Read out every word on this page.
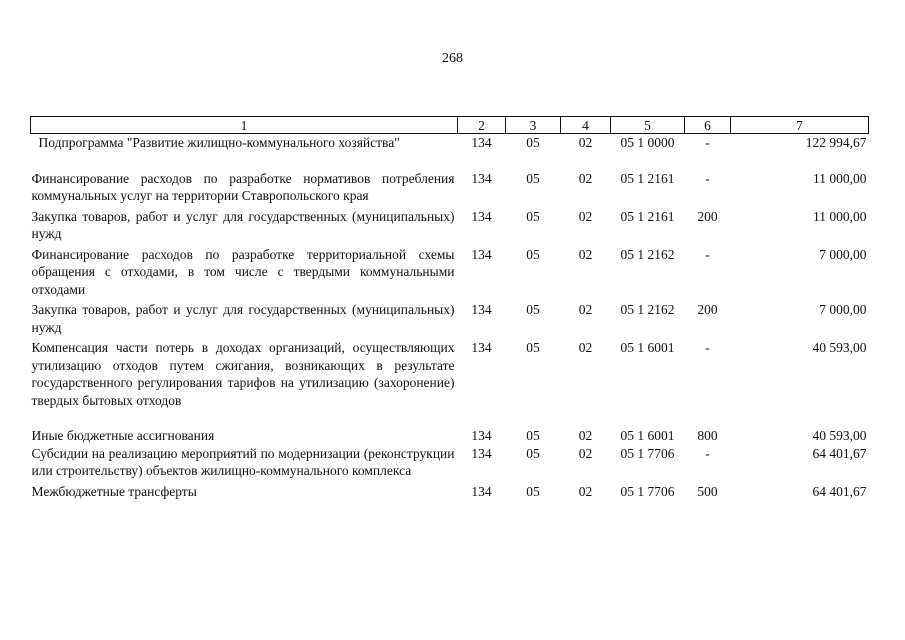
268
1	2	3	4	5	6	7
Подпрограмма "Развитие жилищно-коммунального хозяйства"	134	05	02	05 1 0000	-	122 994,67
Финансирование расходов по разработке нормативов потребления коммунальных услуг на территории Ставропольского края	134	05	02	05 1 2161	-	11 000,00
Закупка товаров, работ и услуг для государственных (муниципальных) нужд	134	05	02	05 1 2161	200	11 000,00
Финансирование расходов по разработке территориальной схемы обращения с отходами, в том числе с твердыми коммунальными отходами	134	05	02	05 1 2162	-	7 000,00
Закупка товаров, работ и услуг для государственных (муниципальных) нужд	134	05	02	05 1 2162	200	7 000,00
Компенсация части потерь в доходах организаций, осуществляющих утилизацию отходов путем сжигания, возникающих в результате государственного регулирования тарифов на утилизацию (захоронение) твердых бытовых отходов	134	05	02	05 1 6001	-	40 593,00
Иные бюджетные ассигнования	134	05	02	05 1 6001	800	40 593,00
Субсидии на реализацию мероприятий по модернизации (реконструкции или строительству) объектов жилищно-коммунального комплекса	134	05	02	05 1 7706	-	64 401,67
Межбюджетные трансферты	134	05	02	05 1 7706	500	64 401,67
